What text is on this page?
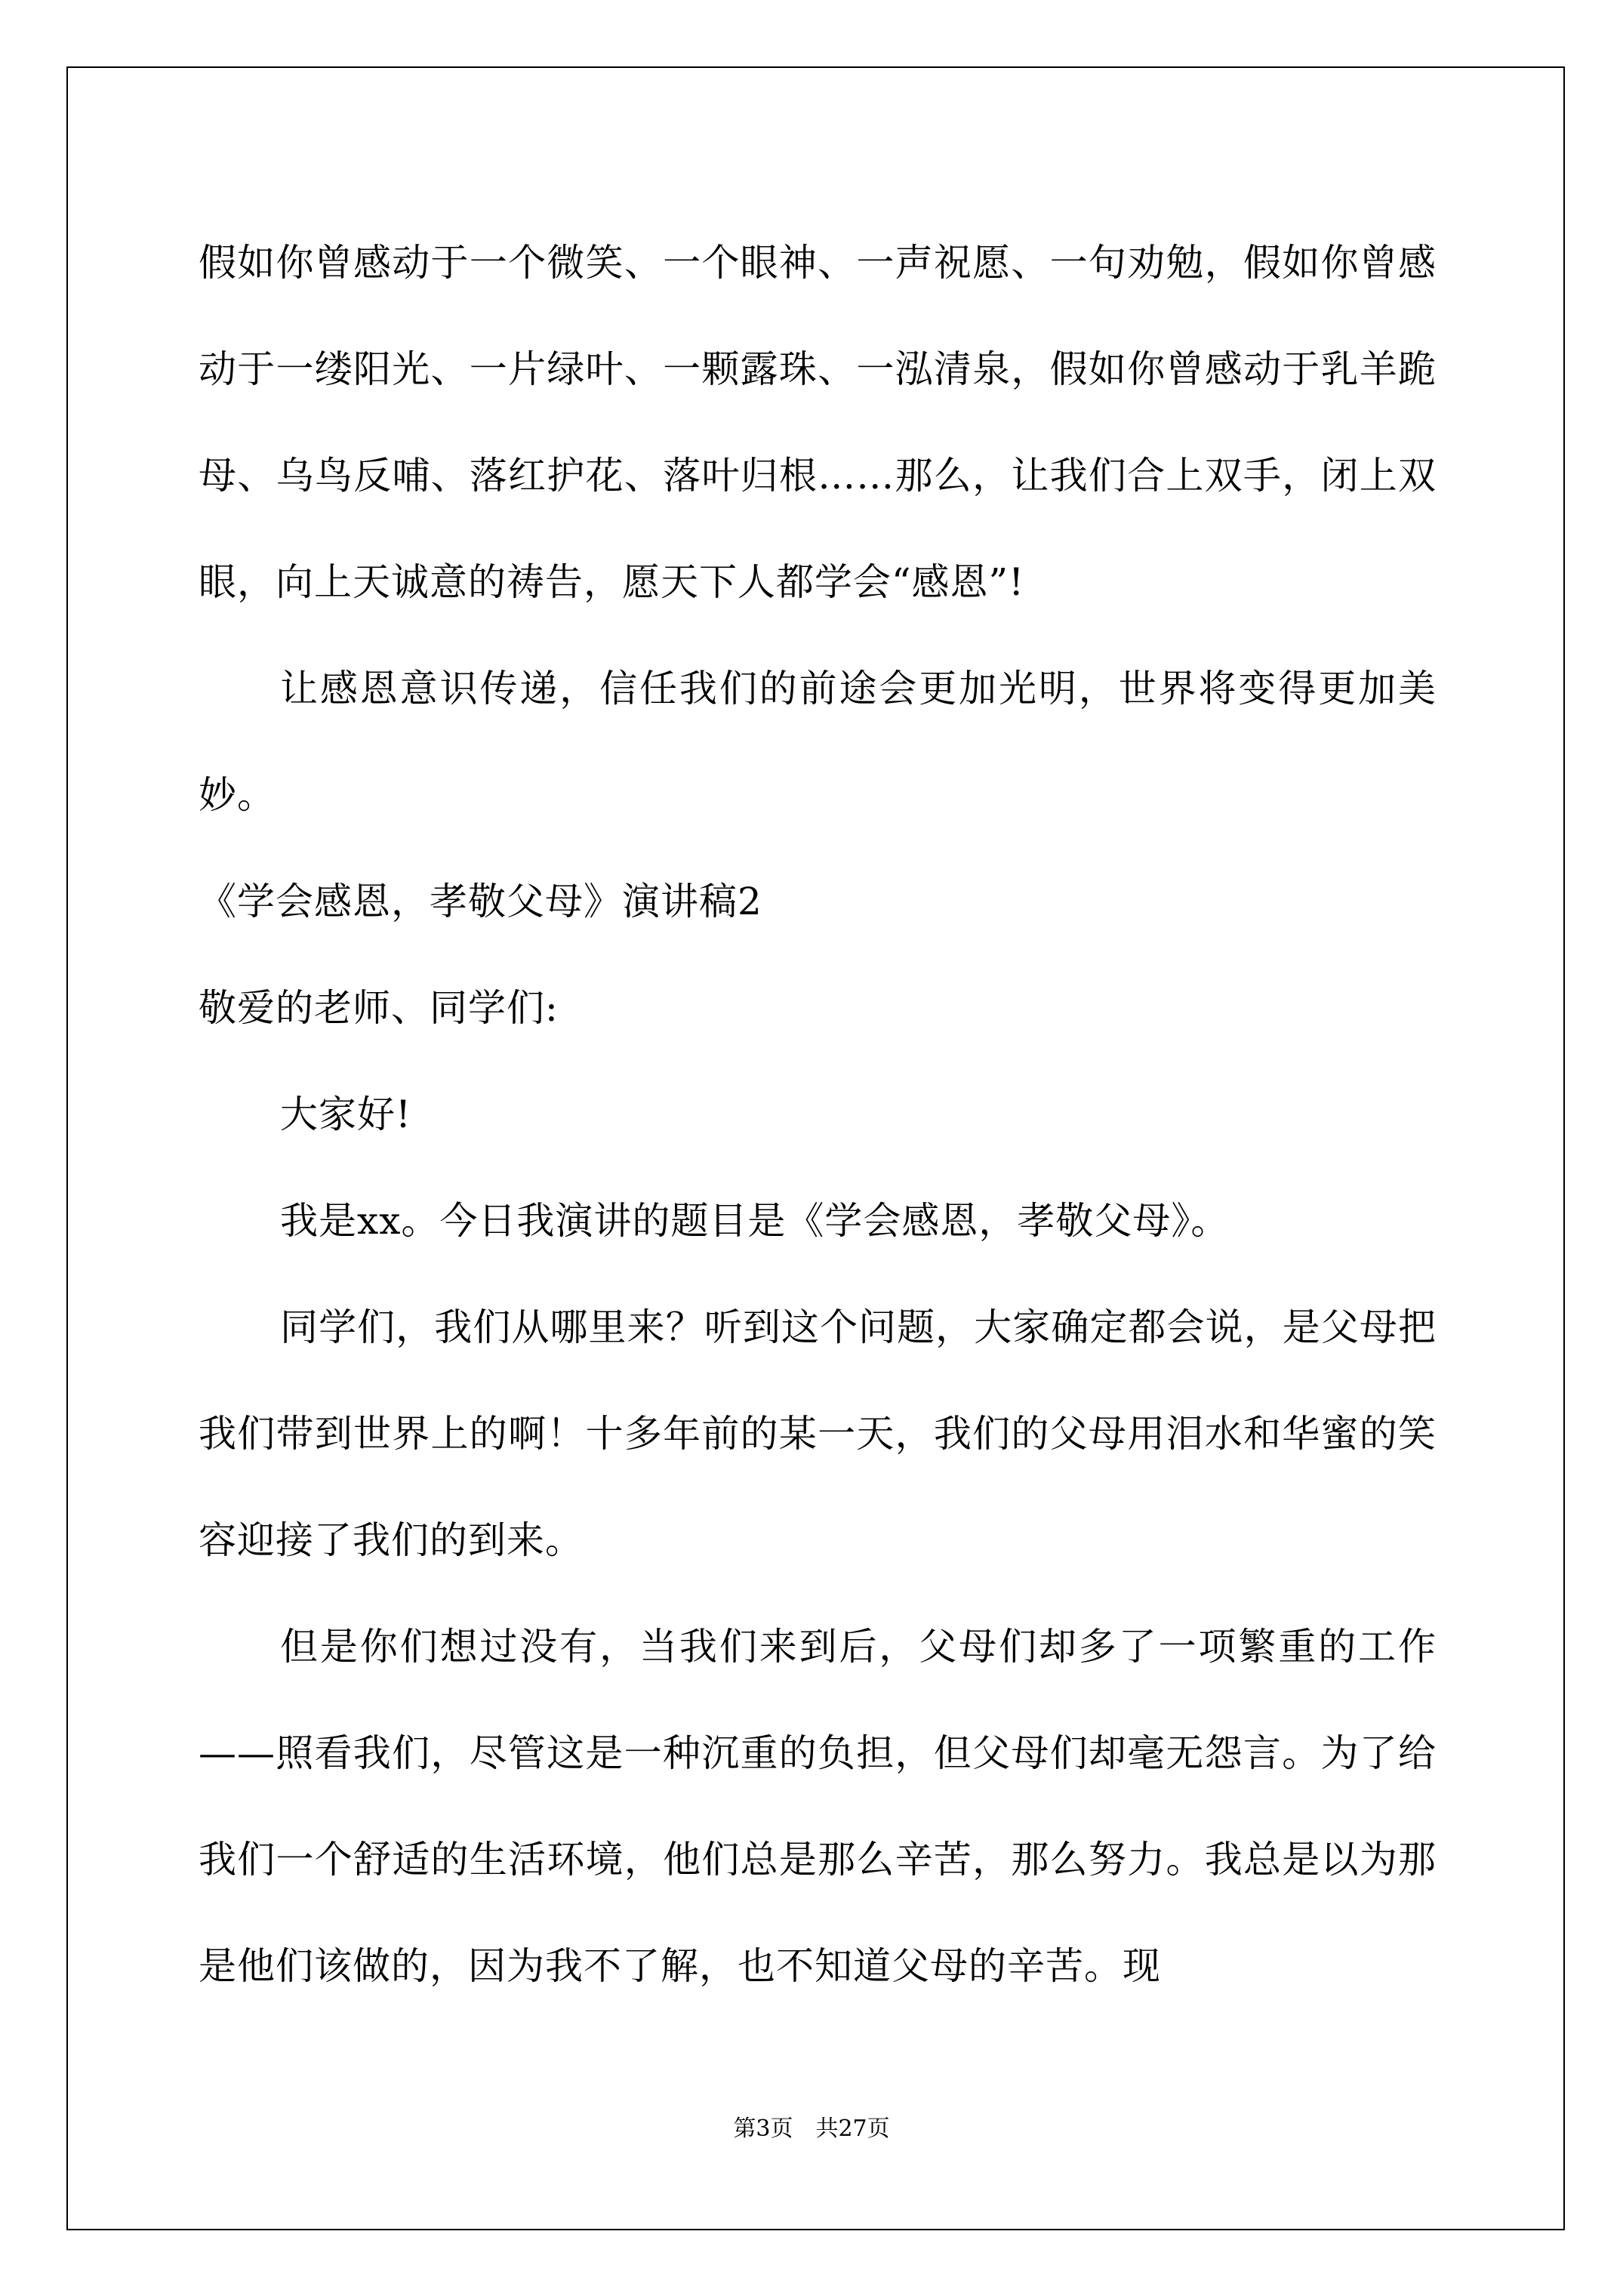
假如你曾感动于一个微笑、一个眼神、一声祝愿、一句劝勉，假如你曾感动于一缕阳光、一片绿叶、一颗露珠、一泓清泉，假如你曾感动于乳羊跪母、乌鸟反哺、落红护花、落叶归根……那么，让我们合上双手，闭上双眼，向上天诚意的祷告，愿天下人都学会“感恩”!

让感恩意识传递，信任我们的前途会更加光明，世界将变得更加美妙。

《学会感恩，孝敬父母》演讲稿2

敬爱的老师、同学们:

大家好!

我是xx。今日我演讲的题目是《学会感恩，孝敬父母》。

同学们，我们从哪里来？听到这个问题，大家确定都会说，是父母把我们带到世界上的啊！十多年前的某一天，我们的父母用泪水和华蜜的笑容迎接了我们的到来。

但是你们想过没有，当我们来到后，父母们却多了一项繁重的工作——照看我们，尽管这是一种沉重的负担，但父母们却毫无怨言。为了给我们一个舒适的生活环境，他们总是那么辛苦，那么努力。我总是以为那是他们该做的，因为我不了解，也不知道父母的辛苦。现

第3页　共27页
